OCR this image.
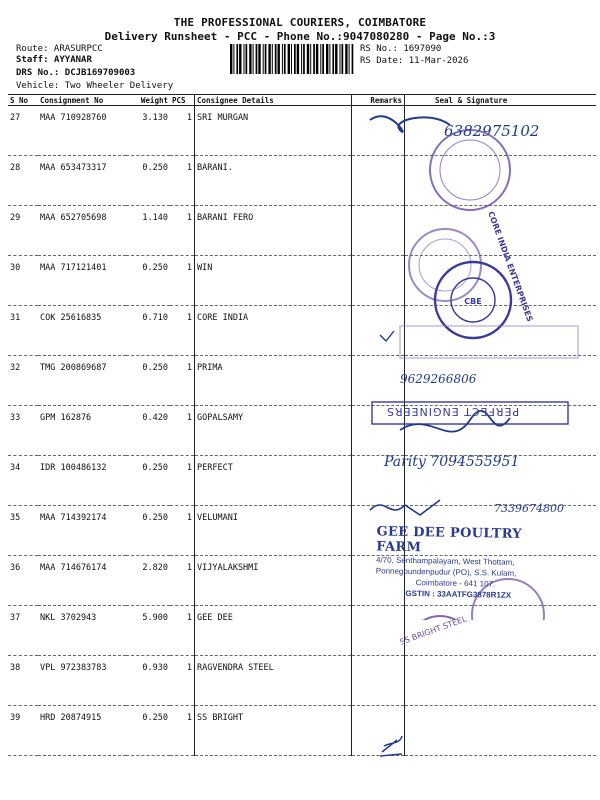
THE PROFESSIONAL COURIERS, COIMBATORE
Delivery Runsheet - PCC - Phone No.:9047080280 - Page No.:3
Route: ARASURPCC
Staff: AYYANAR
DRS No.: DCJB169709003
Vehicle: Two Wheeler Delivery
RS No.: 1697090
RS Date: 11-Mar-2026
S No	Consignment No	Weight	PCS	Consignee Details	Remarks	Seal & Signature
27	MAA 710928760	3.130	1	SRI MURGAN		
28	MAA 653473317	0.250	1	BARANI.		
29	MAA 652705698	1.140	1	BARANI FERO		
30	MAA 717121401	0.250	1	WIN		
31	COK 25616835	0.710	1	CORE INDIA		
32	TMG 200869687	0.250	1	PRIMA		
33	GPM 162876	0.420	1	GOPALSAMY		
34	IDR 100486132	0.250	1	PERFECT		
35	MAA 714392174	0.250	1	VELUMANI		
36	MAA 714676174	2.820	1	VIJYALAKSHMI		
37	NKL 3702943	5.900	1	GEE DEE		
38	VPL 972383783	0.930	1	RAGVENDRA STEEL		
39	HRD 20874915	0.250	1	SS BRIGHT		
CBE
6382975102
9629266806
Parity 7094555951
7339674800
CORE INDIA ENTERPRISES
PERFECT ENGINEERS
SS BRIGHT STEEL
GEE DEE POULTRY FARM
4/70, Senthampalayam, West Thottam,
Ponnegoundenpudur (PO), S.S. Kulam,
Coimbatore - 641 107.
GSTIN : 33AATFG3878R1ZX
